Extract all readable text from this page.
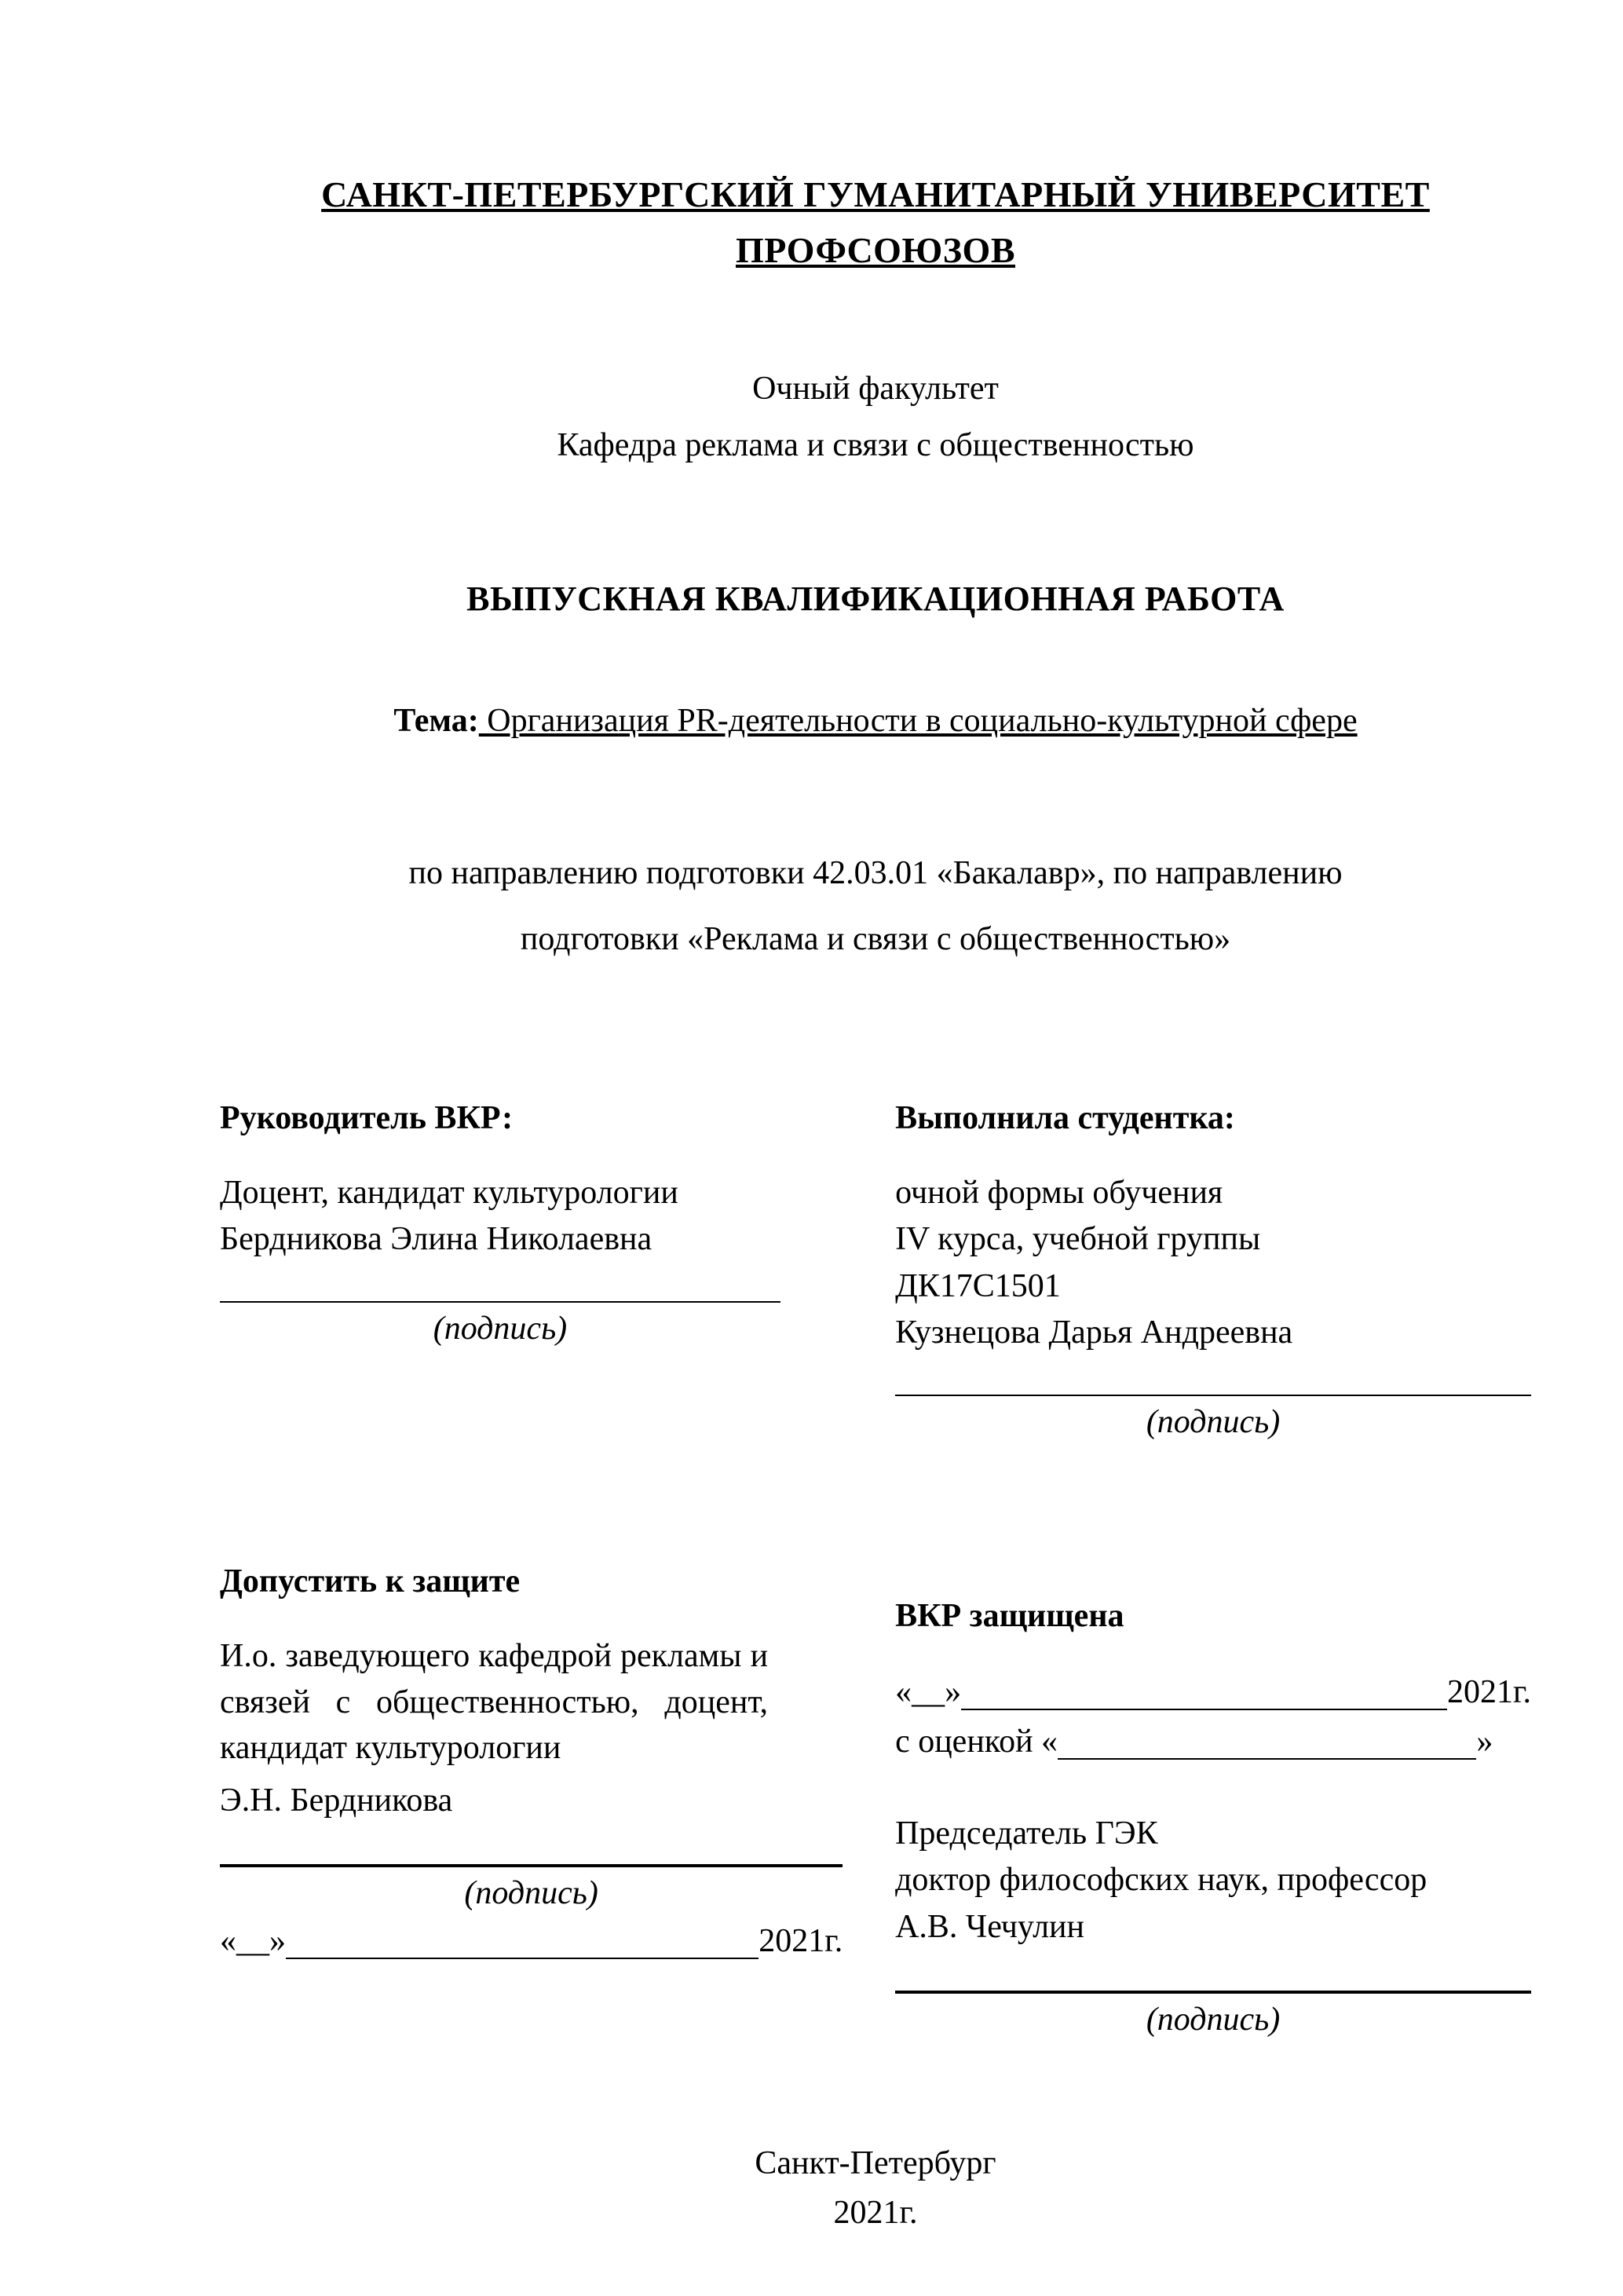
САНКТ-ПЕТЕРБУРГСКИЙ ГУМАНИТАРНЫЙ УНИВЕРСИТЕТ
ПРОФСОЮЗОВ
Очный факультет
Кафедра реклама и связи с общественностью
ВЫПУСКНАЯ КВАЛИФИКАЦИОННАЯ РАБОТА
Тема: Организация PR-деятельности в социально-культурной сфере
по направлению подготовки 42.03.01 «Бакалавр», по направлению
подготовки «Реклама и связи с общественностью»
Руководитель ВКР:
Доцент, кандидат культурологии
Бердникова Элина Николаевна
(подпись)
Выполнила студентка:
очной формы обучения
IV курса, учебной группы
ДК17С1501
Кузнецова Дарья Андреевна
(подпись)
Допустить к защите
И.о. заведующего кафедрой рекламы и связей с общественностью, доцент, кандидат культурологии
Э.Н. Бердникова
(подпись)
«__»	2021г.
ВКР защищена
«__»	2021г.
с оценкой «	»
Председатель ГЭК
доктор философских наук, профессор
А.В. Чечулин
(подпись)
Санкт-Петербург
2021г.
